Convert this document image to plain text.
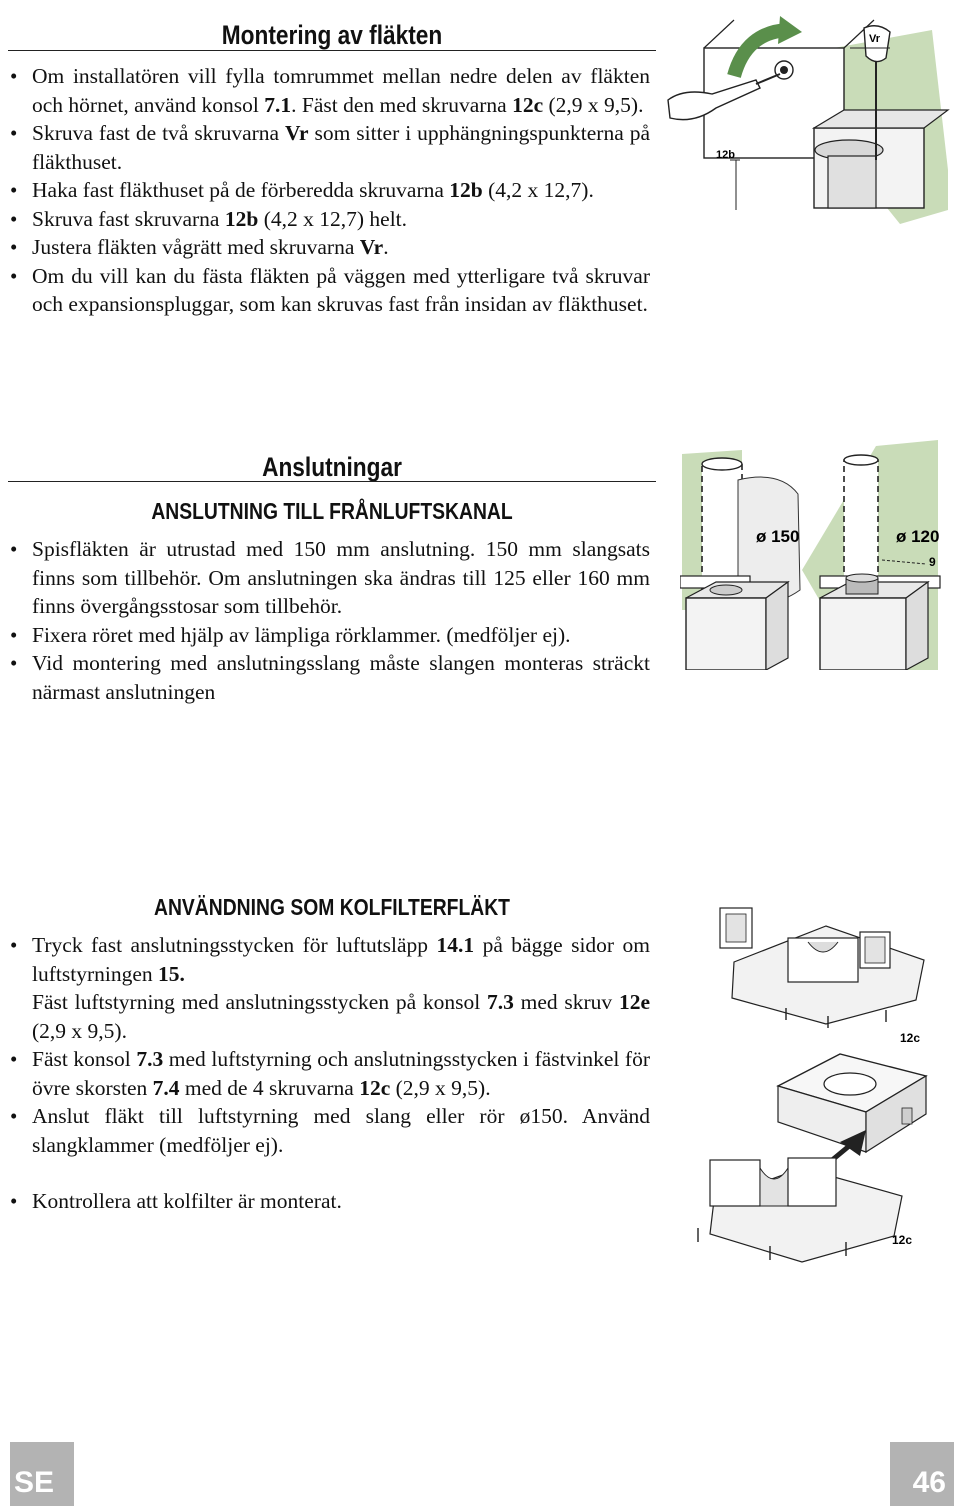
Montering av fläkten
• Om installatören vill fylla tomrummet mellan nedre delen av fläkten och hörnet, använd konsol 7.1. Fäst den med skruvarna 12c (2,9 x 9,5).
• Skruva fast de två skruvarna Vr som sitter i upphängningspunkterna på fläkthuset.
• Haka fast fläkthuset på de förberedda skruvarna 12b (4,2 x 12,7).
• Skruva fast skruvarna 12b (4,2 x 12,7) helt.
• Justera fläkten vågrätt med skruvarna Vr.
• Om du vill kan du fästa fläkten på väggen med ytterligare två skruvar och expansionspluggar, som kan skruvas fast från insidan av fläkthuset.
Vr
12b
Anslutningar
ANSLUTNING TILL FRÅNLUFTSKANAL
• Spisfläkten är utrustad med 150 mm anslutning. 150 mm slangsats finns som tillbehör. Om anslutningen ska ändras till 125 eller 160 mm finns övergångsstosar som tillbehör.
• Fixera röret med hjälp av lämpliga rörklammer. (medföljer ej).
• Vid montering med anslutningsslang måste slangen monteras sträckt närmast anslutningen
ø 150	ø 120
9
ANVÄNDNING SOM KOLFILTERFLÄKT
• Tryck fast anslutningsstycken för luftutsläpp 14.1 på bägge sidor om luftstyrningen 15.
Fäst luftstyrning med anslutningsstycken på konsol 7.3 med skruv 12e (2,9 x 9,5).
• Fäst konsol 7.3 med luftstyrning och anslutningsstycken i fästvinkel för övre skorsten 7.4 med de 4 skruvarna 12c (2,9 x 9,5).
• Anslut fläkt till luftstyrning med slang eller rör ø150. Använd slangklammer (medföljer ej).
• Kontrollera att kolfilter är monterat.
12c
12c
SE	46
